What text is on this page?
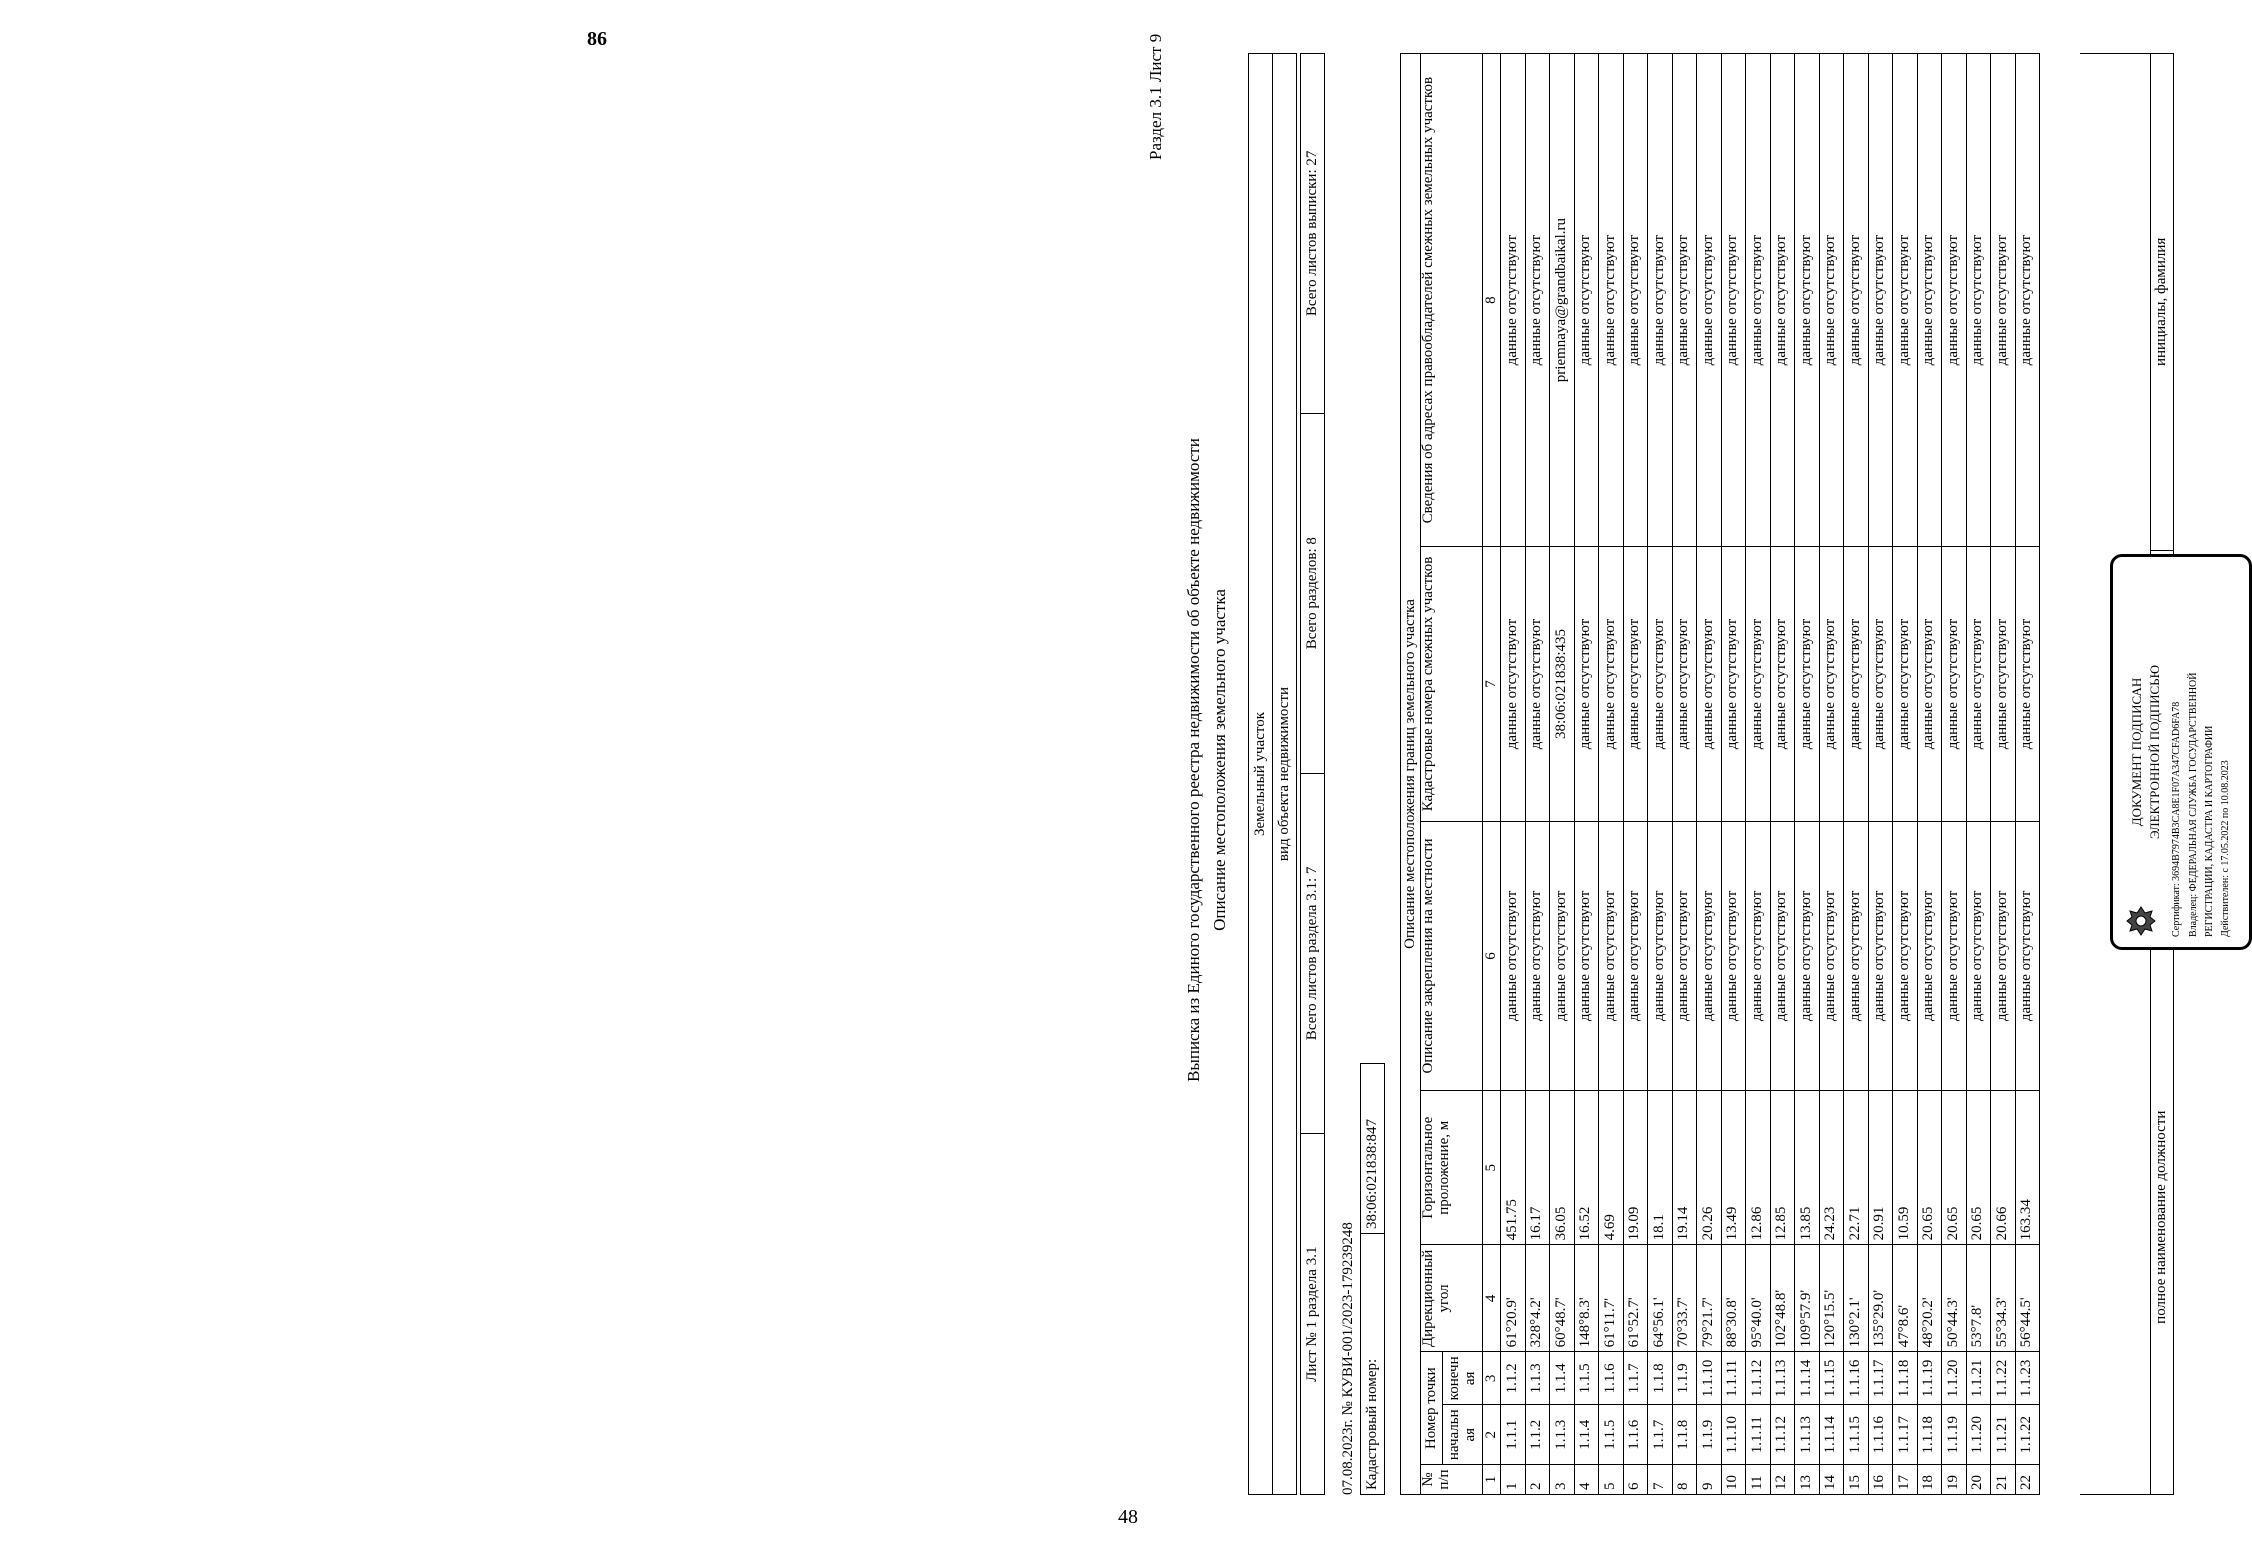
86
48
Раздел 3.1 Лист 9
Выписка из Единого государственного реестра недвижимости об объекте недвижимости Описание местоположения земельного участка Земельный участок
вид объекта недвижимости
Лист № 1 раздела 3.1	Всего листов раздела 3.1: 7	Всего разделов: 8	Всего листов выписки: 27
07.08.2023г. № КУВИ-001/2023-179239248 Кадастровый номер:	38:06:021838:847
Описание местоположения границ земельного участка							
№ п/п	Номер точки		Дирекционный угол	Горизонтальное проложение, м	Описание закрепления на местности	Кадастровые номера смежных участков	Сведения об адресах правообладателей смежных земельных участков
	начальн ая	конечн ая					
1	2	3	4	5	6	7	8
1	1.1.1	1.1.2	61°20.9'	451.75	данные отсутствуют	данные отсутствуют	данные отсутствуют
2	1.1.2	1.1.3	328°4.2'	16.17	данные отсутствуют	данные отсутствуют	данные отсутствуют
3	1.1.3	1.1.4	60°48.7'	36.05	данные отсутствуют	38:06:021838:435	priemnaya@grandbaikal.ru
4	1.1.4	1.1.5	148°8.3'	16.52	данные отсутствуют	данные отсутствуют	данные отсутствуют
5	1.1.5	1.1.6	61°11.7'	4.69	данные отсутствуют	данные отсутствуют	данные отсутствуют
6	1.1.6	1.1.7	61°52.7'	19.09	данные отсутствуют	данные отсутствуют	данные отсутствуют
7	1.1.7	1.1.8	64°56.1'	18.1	данные отсутствуют	данные отсутствуют	данные отсутствуют
8	1.1.8	1.1.9	70°33.7'	19.14	данные отсутствуют	данные отсутствуют	данные отсутствуют
9	1.1.9	1.1.10	79°21.7'	20.26	данные отсутствуют	данные отсутствуют	данные отсутствуют
10	1.1.10	1.1.11	88°30.8'	13.49	данные отсутствуют	данные отсутствуют	данные отсутствуют
11	1.1.11	1.1.12	95°40.0'	12.86	данные отсутствуют	данные отсутствуют	данные отсутствуют
12	1.1.12	1.1.13	102°48.8'	12.85	данные отсутствуют	данные отсутствуют	данные отсутствуют
13	1.1.13	1.1.14	109°57.9'	13.85	данные отсутствуют	данные отсутствуют	данные отсутствуют
14	1.1.14	1.1.15	120°15.5'	24.23	данные отсутствуют	данные отсутствуют	данные отсутствуют
15	1.1.15	1.1.16	130°2.1'	22.71	данные отсутствуют	данные отсутствуют	данные отсутствуют
16	1.1.16	1.1.17	135°29.0'	20.91	данные отсутствуют	данные отсутствуют	данные отсутствуют
17	1.1.17	1.1.18	47°8.6'	10.59	данные отсутствуют	данные отсутствуют	данные отсутствуют
18	1.1.18	1.1.19	48°20.2'	20.65	данные отсутствуют	данные отсутствуют	данные отсутствуют
19	1.1.19	1.1.20	50°44.3'	20.65	данные отсутствуют	данные отсутствуют	данные отсутствуют
20	1.1.20	1.1.21	53°7.8'	20.65	данные отсутствуют	данные отсутствуют	данные отсутствуют
21	1.1.21	1.1.22	55°34.3'	20.66	данные отсутствуют	данные отсутствуют	данные отсутствуют
22	1.1.22	1.1.23	56°44.5'	163.34	данные отсутствуют	данные отсутствуют	данные отсутствуют

полное наименование должности		инициалы, фамилия
ДОКУМЕНТ ПОДПИСАН ЭЛЕКТРОННОЙ ПОДПИСЬЮ Сертификат: 3694B7974B3CA8E1F07A347CFAD6FA78 Владелец: ФЕДЕРАЛЬНАЯ СЛУЖБА ГОСУДАРСТВЕННОЙ РЕГИСТРАЦИИ, КАДАСТРА И КАРТОГРАФИИ Действителен: с 17.05.2022 по 10.08.2023
